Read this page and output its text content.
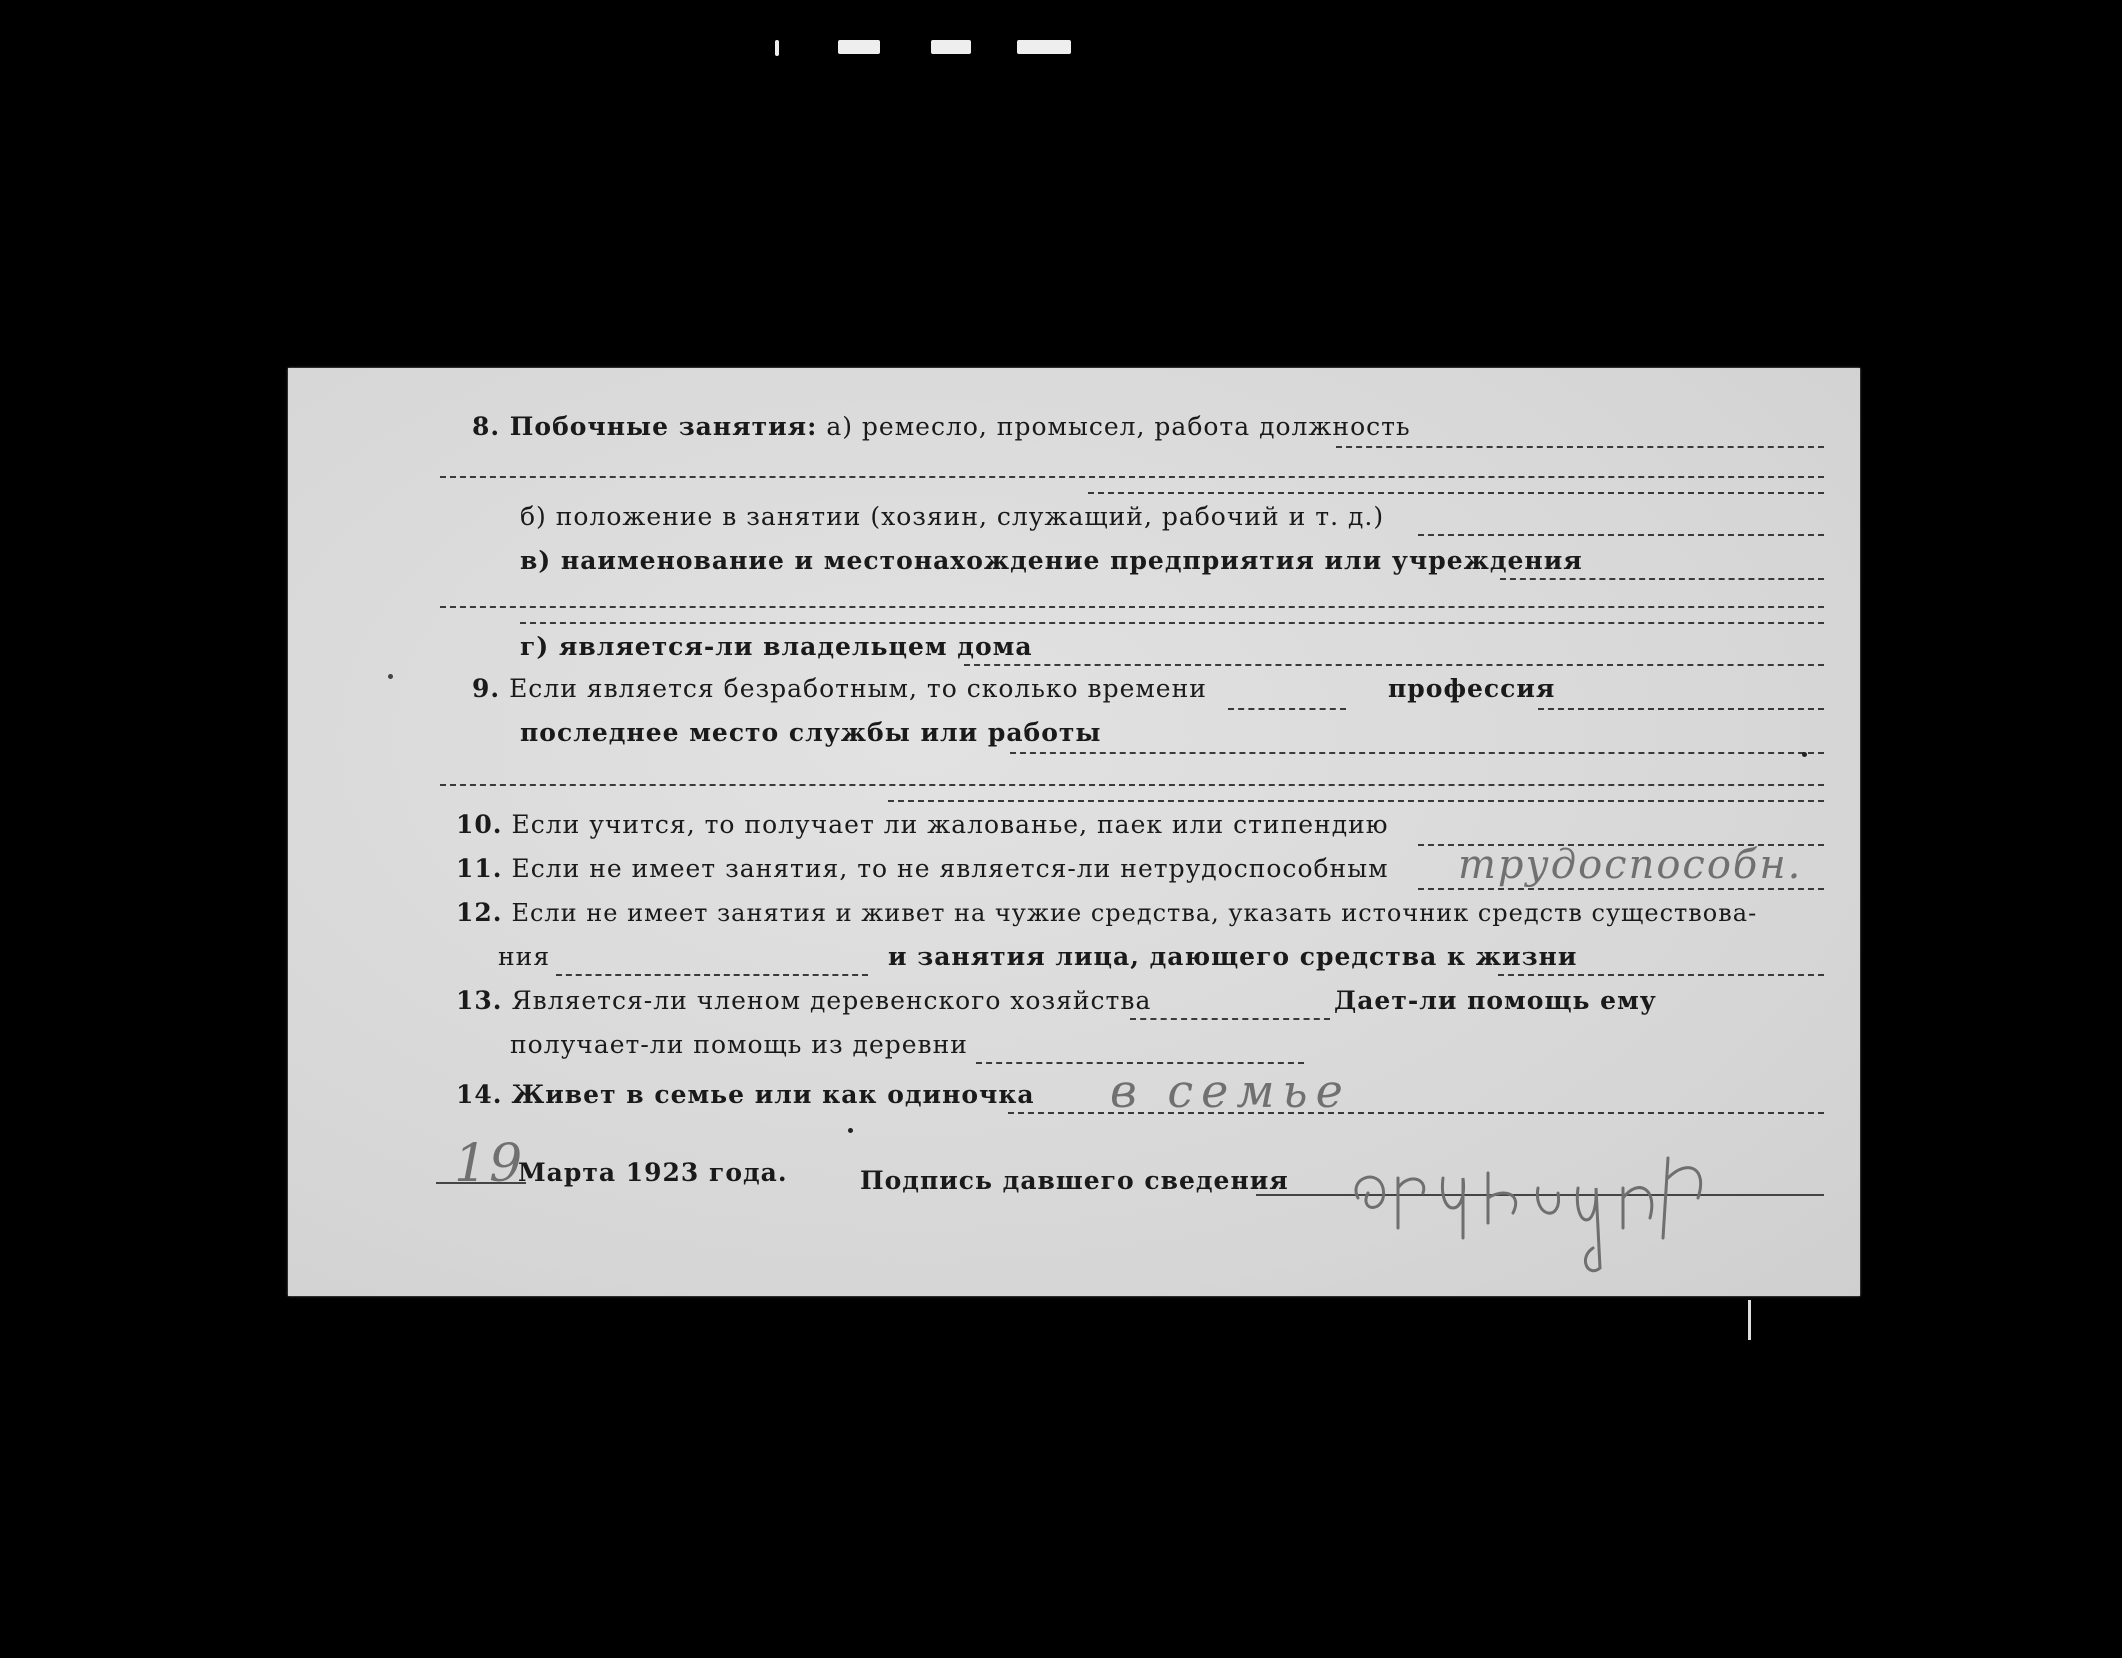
8. Побочные занятия: а) ремесло, промысел, работа должность
б) положение в занятии (хозяин, служащий, рабочий и т. д.)
в) наименование и местонахождение предприятия или учреждения
г) является-ли владельцем дома
9. Если является безработным, то сколько времени	профессия
последнее место службы или работы
10. Если учится, то получает ли жалованье, паек или стипендию
11. Если не имеет занятия, то не является-ли нетрудоспособным трудоспособн.
12. Если не имеет занятия и живет на чужие средства, указать источник средств существова-
ния	и занятия лица, дающего средства к жизни
13. Является-ли членом деревенского хозяйства	Дает-ли помощь ему
получает-ли помощь из деревни
14. Живет в семье или как одиночка в семье
19
Марта 1923 года.	Подпись давшего сведения
